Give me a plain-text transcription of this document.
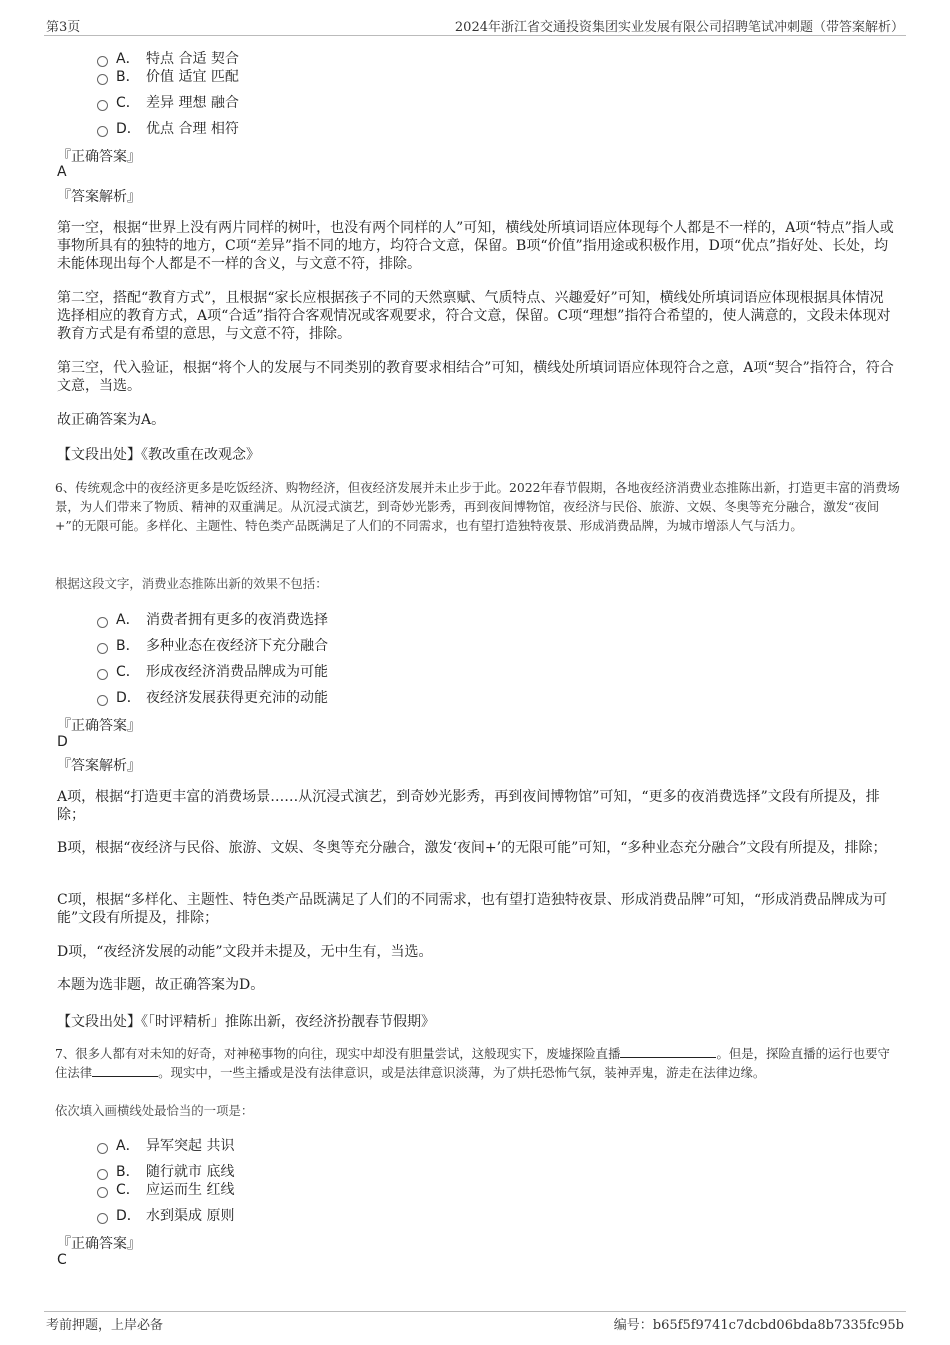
第3页	2024年浙江省交通投资集团实业发展有限公司招聘笔试冲刺题（带答案解析）
A． 特点 合适 契合
B． 价值 适宜 匹配
C． 差异 理想 融合
D． 优点 合理 相符
『正确答案』
A
『答案解析』
第一空，根据“世界上没有两片同样的树叶，也没有两个同样的人”可知，横线处所填词语应体现每个人都是不一样的，A项“特点”指人或事物所具有的独特的地方，C项“差异”指不同的地方，均符合文意，保留。B项“价值”指用途或积极作用，D项“优点”指好处、长处，均未能体现出每个人都是不一样的含义，与文意不符，排除。
第二空，搭配“教育方式”，且根据“家长应根据孩子不同的天然禀赋、气质特点、兴趣爱好”可知，横线处所填词语应体现根据具体情况选择相应的教育方式，A项“合适”指符合客观情况或客观要求，符合文意，保留。C项“理想”指符合希望的，使人满意的，文段未体现对教育方式是有希望的意思，与文意不符，排除。
第三空，代入验证，根据“将个人的发展与不同类别的教育要求相结合”可知，横线处所填词语应体现符合之意，A项“契合”指符合，符合文意，当选。
故正确答案为A。
【文段出处】《教改重在改观念》
6、传统观念中的夜经济更多是吃饭经济、购物经济，但夜经济发展并未止步于此。2022年春节假期，各地夜经济消费业态推陈出新，打造更丰富的消费场景，为人们带来了物质、精神的双重满足。从沉浸式演艺，到奇妙光影秀，再到夜间博物馆，夜经济与民俗、旅游、文娱、冬奥等充分融合，激发“夜间+”的无限可能。多样化、主题性、特色类产品既满足了人们的不同需求，也有望打造独特夜景、形成消费品牌，为城市增添人气与活力。
根据这段文字，消费业态推陈出新的效果不包括：
A． 消费者拥有更多的夜消费选择
B． 多种业态在夜经济下充分融合
C． 形成夜经济消费品牌成为可能
D． 夜经济发展获得更充沛的动能
『正确答案』
D
『答案解析』
A项，根据“打造更丰富的消费场景……从沉浸式演艺，到奇妙光影秀，再到夜间博物馆”可知，“更多的夜消费选择”文段有所提及，排除；
B项，根据“夜经济与民俗、旅游、文娱、冬奥等充分融合，激发‘夜间+’的无限可能”可知，“多种业态充分融合”文段有所提及，排除；
C项，根据“多样化、主题性、特色类产品既满足了人们的不同需求，也有望打造独特夜景、形成消费品牌”可知，“形成消费品牌成为可能”文段有所提及，排除；
D项，“夜经济发展的动能”文段并未提及，无中生有，当选。
本题为选非题，故正确答案为D。
【文段出处】《「时评精析」推陈出新，夜经济扮靓春节假期》
7、很多人都有对未知的好奇，对神秘事物的向往，现实中却没有胆量尝试，这般现实下，废墟探险直播	。但是，探险直播的运行也要守住法律	。现实中，一些主播或是没有法律意识，或是法律意识淡薄，为了烘托恐怖气氛，装神弄鬼，游走在法律边缘。
依次填入画横线处最恰当的一项是：
A． 异军突起 共识
B． 随行就市 底线
C． 应运而生 红线
D． 水到渠成 原则
『正确答案』
C
考前押题，上岸必备	编号：b65f5f9741c7dcbd06bda8b7335fc95b
